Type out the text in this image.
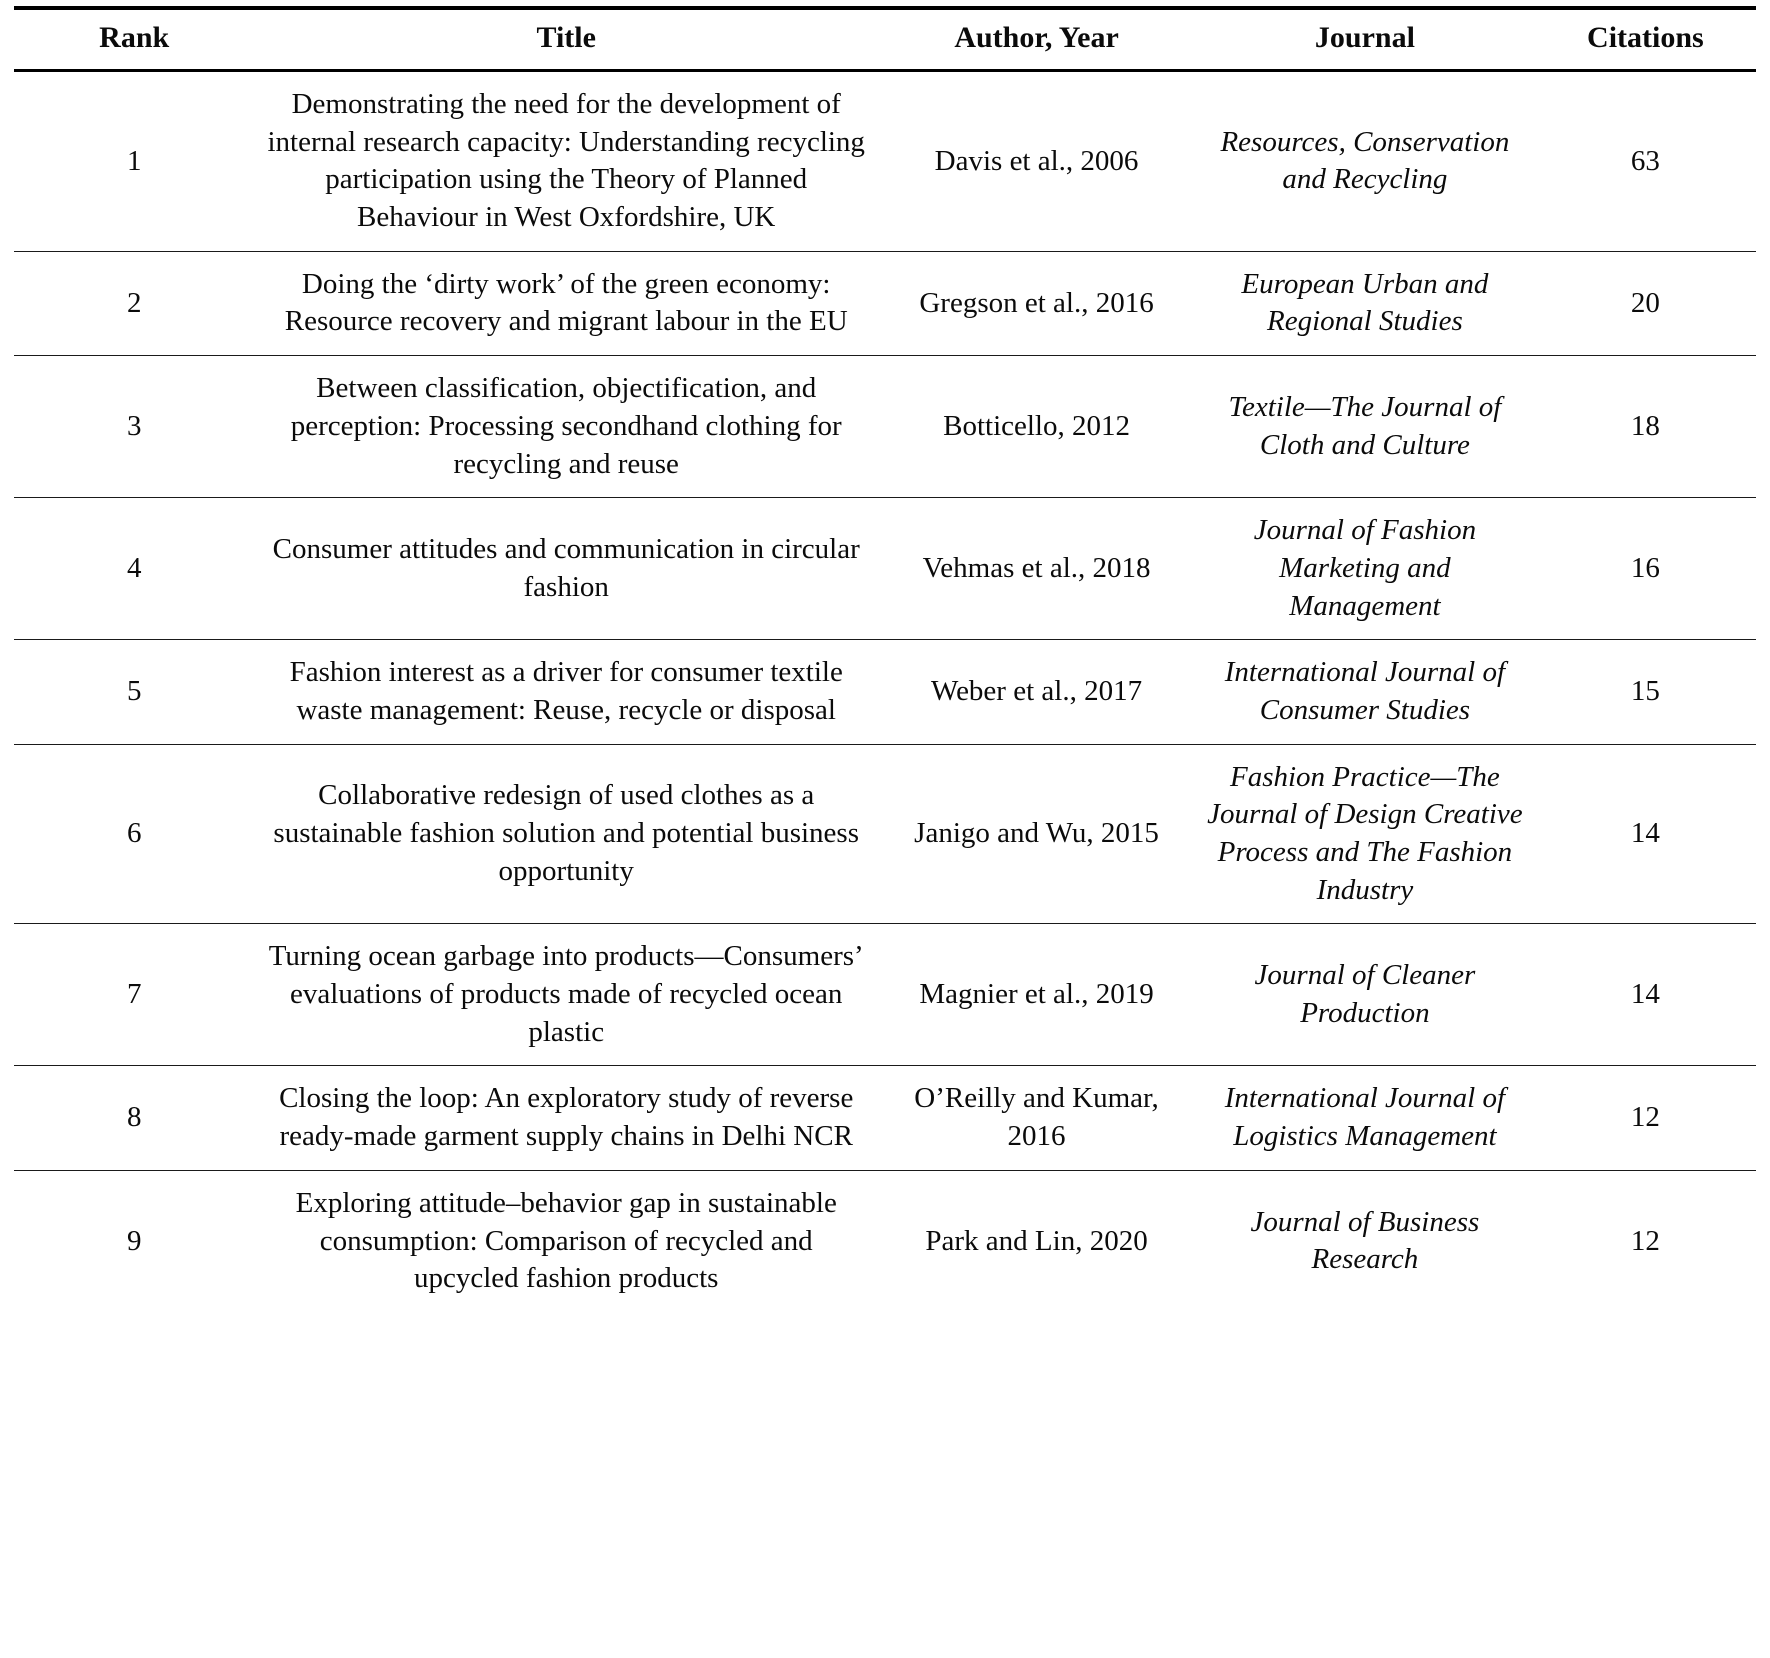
Rank	Title	Author, Year	Journal	Citations
1	Demonstrating the need for the development of internal research capacity: Understanding recycling participation using the Theory of Planned Behaviour in West Oxfordshire, UK	Davis et al., 2006	Resources, Conservation and Recycling	63
2	Doing the ‘dirty work’ of the green economy: Resource recovery and migrant labour in the EU	Gregson et al., 2016	European Urban and Regional Studies	20
3	Between classification, objectification, and perception: Processing secondhand clothing for recycling and reuse	Botticello, 2012	Textile—The Journal of Cloth and Culture	18
4	Consumer attitudes and communication in circular fashion	Vehmas et al., 2018	Journal of Fashion Marketing and Management	16
5	Fashion interest as a driver for consumer textile waste management: Reuse, recycle or disposal	Weber et al., 2017	International Journal of Consumer Studies	15
6	Collaborative redesign of used clothes as a sustainable fashion solution and potential business opportunity	Janigo and Wu, 2015	Fashion Practice—The Journal of Design Creative Process and The Fashion Industry	14
7	Turning ocean garbage into products—Consumers’ evaluations of products made of recycled ocean plastic	Magnier et al., 2019	Journal of Cleaner Production	14
8	Closing the loop: An exploratory study of reverse ready-made garment supply chains in Delhi NCR	O’Reilly and Kumar, 2016	International Journal of Logistics Management	12
9	Exploring attitude–behavior gap in sustainable consumption: Comparison of recycled and upcycled fashion products	Park and Lin, 2020	Journal of Business Research	12
